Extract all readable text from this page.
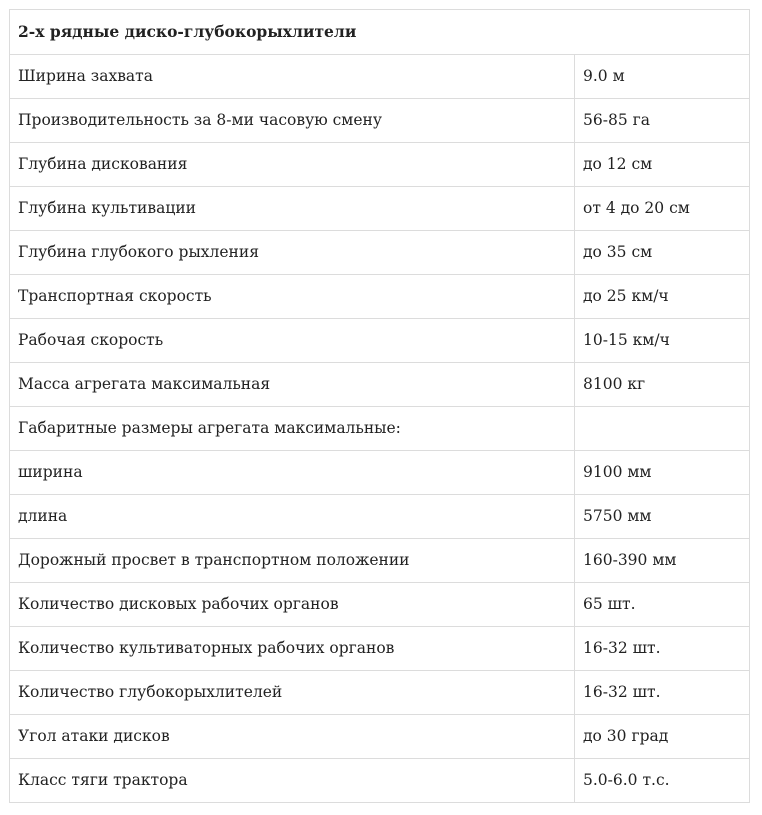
2-х рядные диско-глубокорыхлители	
Ширина захвата	9.0 м
Производительность за 8-ми часовую смену	56-85 га
Глубина дискования	до 12 см
Глубина культивации	от 4 до 20 см
Глубина глубокого рыхления	до 35 см
Транспортная скорость	до 25 км/ч
Рабочая скорость	10-15 км/ч
Масса агрегата максимальная	8100 кг
Габаритные размеры агрегата максимальные:	
ширина	9100 мм
длина	5750 мм
Дорожный просвет в транспортном положении	160-390 мм
Количество дисковых рабочих органов	65 шт.
Количество культиваторных рабочих органов	16-32 шт.
Количество глубокорыхлителей	16-32 шт.
Угол атаки дисков	до 30 град
Класс тяги трактора	5.0-6.0 т.с.
